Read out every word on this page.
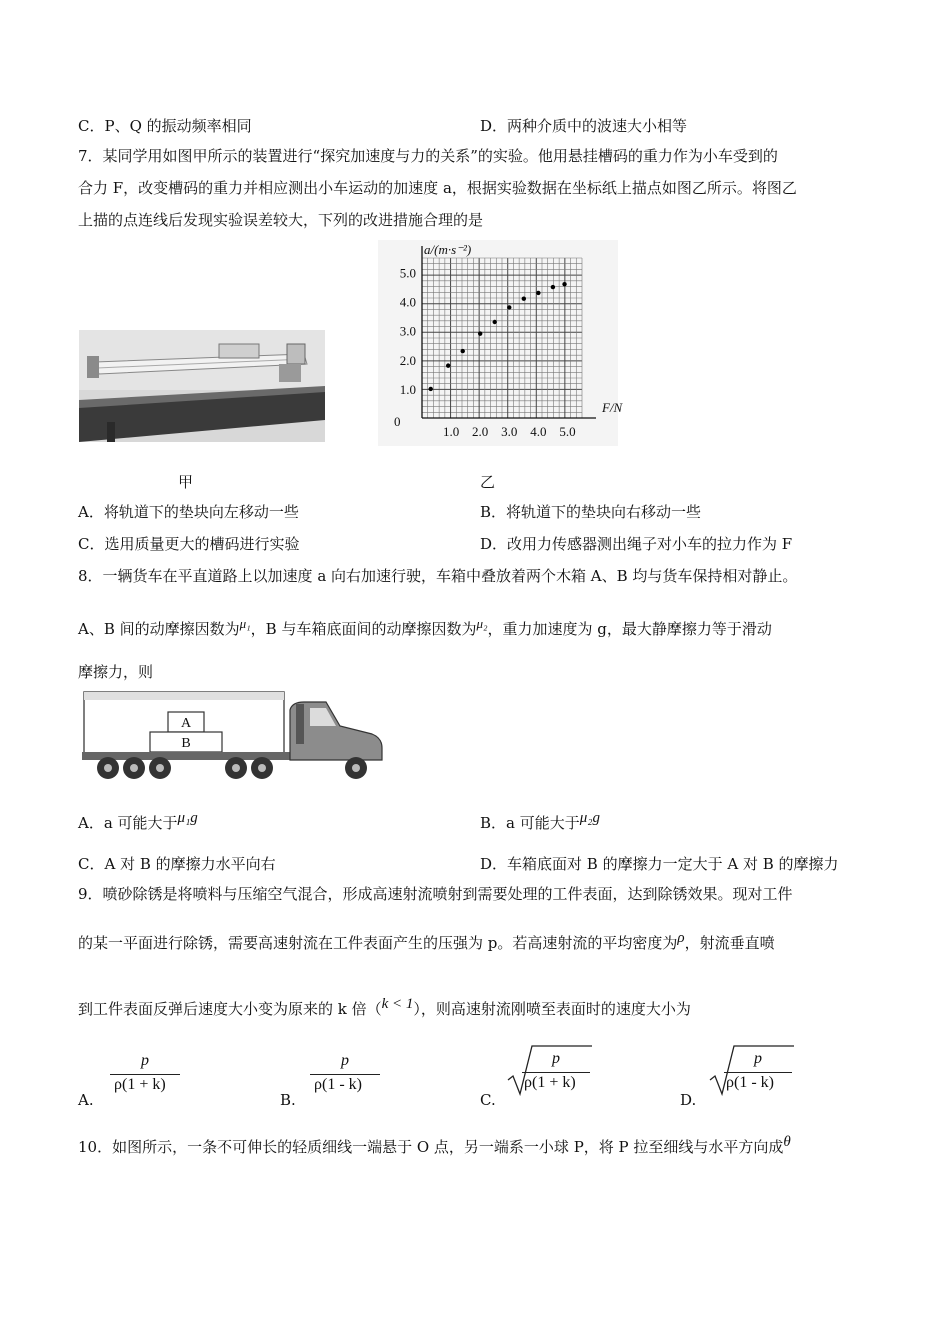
C．P、Q 的振动频率相同	D．两种介质中的波速大小相等
7．某同学用如图甲所示的装置进行“探究加速度与力的关系”的实验。他用悬挂槽码的重力作为小车受到的
合力 F，改变槽码的重力并相应测出小车运动的加速度 a，根据实验数据在坐标纸上描点如图乙所示。将图乙
上描的点连线后发现实验误差较大，下列的改进措施合理的是
甲
a/(m·s⁻²)
F/N
0
1.0 2.0 3.0 4.0 5.0
1.0
2.0
3.0
4.0
5.0
乙
A．将轨道下的垫块向左移动一些	B．将轨道下的垫块向右移动一些
C．选用质量更大的槽码进行实验	D．改用力传感器测出绳子对小车的拉力作为 F
8．一辆货车在平直道路上以加速度 a 向右加速行驶，车箱中叠放着两个木箱 A、B 均与货车保持相对静止。
A、B 间的动摩擦因数为$^{\mu_1}$，B 与车箱底面间的动摩擦因数为$^{\mu_2}$，重力加速度为 g，最大静摩擦力等于滑动
摩擦力，则
A
B
A．a 可能大于$^{\mu_1g}$	B．a 可能大于$^{\mu_2g}$
C．A 对 B 的摩擦力水平向右	D．车箱底面对 B 的摩擦力一定大于 A 对 B 的摩擦力
9．喷砂除锈是将喷料与压缩空气混合，形成高速射流喷射到需要处理的工件表面，达到除锈效果。现对工件
的某一平面进行除锈，需要高速射流在工件表面产生的压强为 p。若高速射流的平均密度为$^\rho$，射流垂直喷
到工件表面反弹后速度大小变为原来的 k 倍（$^{k < 1}$），则高速射流刚喷至表面时的速度大小为
A.
p
ρ(1 + k)
B.
p
ρ(1 - k)
C.
p
ρ(1 + k)
D.
p
ρ(1 - k)
10．如图所示，一条不可伸长的轻质细线一端悬于 O 点，另一端系一小球 P，将 P 拉至细线与水平方向成$^\theta$
